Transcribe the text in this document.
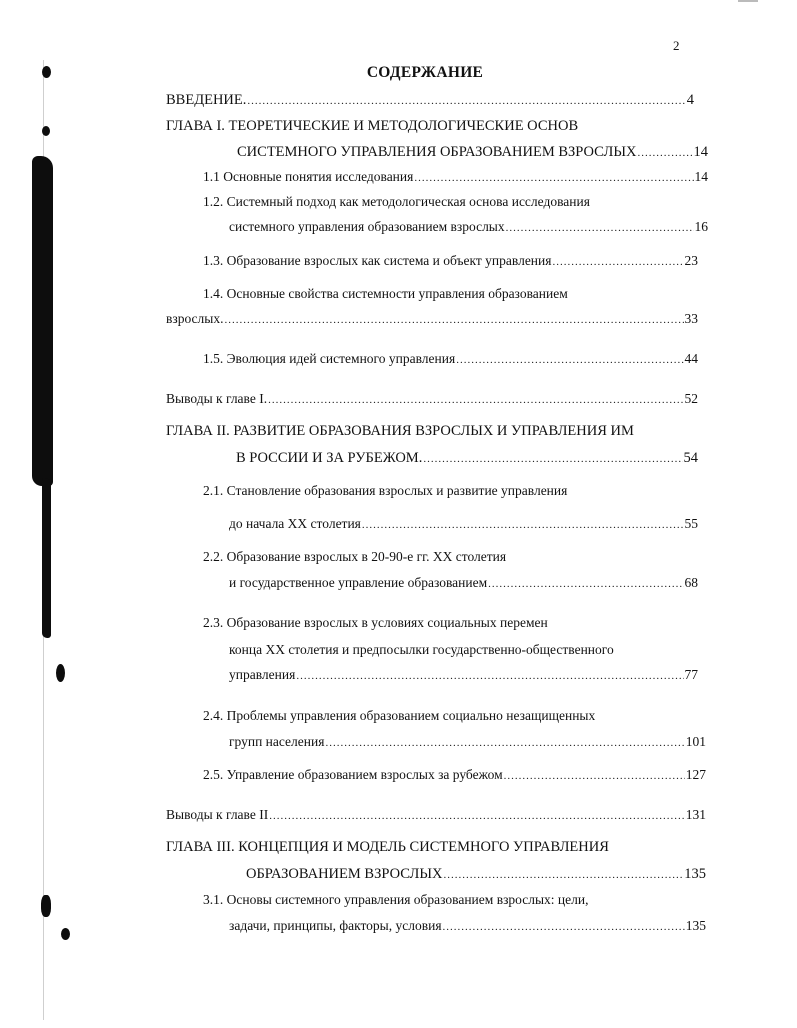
2
СОДЕРЖАНИЕ
ВВЕДЕНИЕ. .....	4
ГЛАВА I. ТЕОРЕТИЧЕСКИЕ И МЕТОДОЛОГИЧЕСКИЕ ОСНОВ
СИСТЕМНОГО УПРАВЛЕНИЯ ОБРАЗОВАНИЕМ ВЗРОСЛЫХ .....	14
1.1 Основные понятия исследования .....	14
1.2. Системный подход как методологическая основа исследования
системного управления образованием взрослых .....	16
1.3. Образование взрослых как система и объект управления .....	23
1.4. Основные свойства системности управления образованием
взрослых. .....	33
1.5. Эволюция идей системного управления .....	44
Выводы к главе I. .....	52
ГЛАВА II. РАЗВИТИЕ ОБРАЗОВАНИЯ ВЗРОСЛЫХ И УПРАВЛЕНИЯ ИМ
В РОССИИ И ЗА РУБЕЖОМ. .....	54
2.1. Становление образования взрослых и развитие управления
до начала XX столетия .....	55
2.2. Образование взрослых в 20-90-е гг. XX столетия
и государственное управление образованием .....	68
2.3. Образование взрослых в условиях социальных перемен
конца XX столетия и предпосылки государственно-общественного
управления .....	77
2.4. Проблемы управления образованием социально незащищенных
групп населения .....	101
2.5. Управление образованием взрослых за рубежом .....	127
Выводы к главе II .....	131
ГЛАВА III. КОНЦЕПЦИЯ И МОДЕЛЬ СИСТЕМНОГО УПРАВЛЕНИЯ
ОБРАЗОВАНИЕМ ВЗРОСЛЫХ .....	135
3.1. Основы системного управления образованием взрослых: цели,
задачи, принципы, факторы, условия .....	135
